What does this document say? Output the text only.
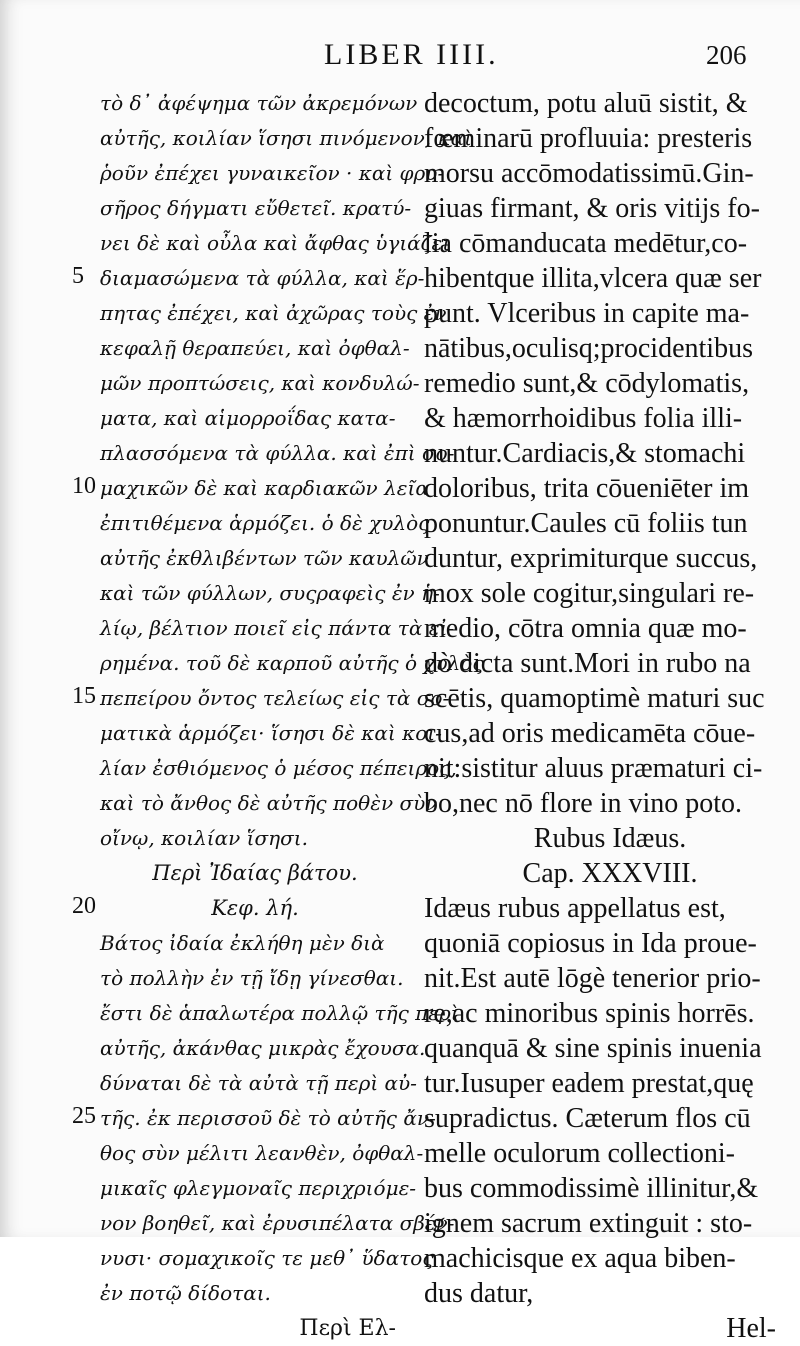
LIBER IIII.	206
τὸ δ᾽ ἀφέψημα τῶν ἀκρεμόνων
αὐτῆς, κοιλίαν ἵσησι πινόμενον, καὶ
ῥοῦν ἐπέχει γυναικεῖον · καὶ φρυ-
σῆρος δήγματι εὔθετεῖ. κρατύ-
νει δὲ καὶ οὖλα καὶ ἄφθας ὑγιάζει
διαμασώμενα τὰ φύλλα, καὶ ἕρ-
πητας ἐπέχει, καὶ ἀχῶρας τοὺς ἐν
κεφαλῇ θεραπεύει, καὶ ὀφθαλ-
μῶν προπτώσεις, καὶ κονδυλώ-
ματα, καὶ αἱμορροΐδας κατα-
πλασσόμενα τὰ φύλλα. καὶ ἐπὶ σο-
μαχικῶν δὲ καὶ καρδιακῶν λεῖα
ἐπιτιθέμενα ἁρμόζει. ὁ δὲ χυλὸς
αὐτῆς ἐκθλιβέντων τῶν καυλῶν
καὶ τῶν φύλλων, συςραφεὶς ἐν ἡ-
λίῳ, βέλτιον ποιεῖ εἰς πάντα τὰ εἰ-
ρημένα. τοῦ δὲ καρποῦ αὐτῆς ὁ χυλὸς
πεπείρου ὄντος τελείως εἰς τὰ σο-
ματικὰ ἁρμόζει· ἵσησι δὲ καὶ κοι-
λίαν ἐσθιόμενος ὁ μέσος πέπειρος,
καὶ τὸ ἄνθος δὲ αὐτῆς ποθὲν σὺν
οἴνῳ, κοιλίαν ἵσησι.
Περὶ Ἰδαίας βάτου.
Κεφ. λή.
Βάτος ἰδαία ἐκλήθη μὲν διὰ
τὸ πολλὴν ἐν τῇ ἴδῃ γίνεσθαι.
ἔστι δὲ ἁπαλωτέρα πολλῷ τῆς περὶ
αὐτῆς, ἀκάνθας μικρὰς ἔχουσα.
δύναται δὲ τὰ αὐτὰ τῇ περὶ αὐ-
τῆς. ἐκ περισσοῦ δὲ τὸ αὐτῆς ἄν-
θος σὺν μέλιτι λεανθὲν, ὀφθαλ-
μικαῖς φλεγμοναῖς περιχριόμε-
νον βοηθεῖ, καὶ ἐρυσιπέλατα σβέν-
νυσι· σομαχικοῖς τε μεθ᾽ ὕδατος
ἐν ποτῷ δίδοται.
Περὶ Ελ-
5
10
15
20
25
decoctum, potu aluū sistit, &
fœminarū profluuia: presteris
morsu accōmodatissimū.Gin-
giuas firmant, & oris vitijs fo-
lia cōmanducata medētur,co-
hibentque illita,vlcera quæ ser
punt. Vlceribus in capite ma-
nātibus,oculisq;procidentibus
remedio sunt,& cōdylomatis,
& hæmorrhoidibus folia illi-
nuntur.Cardiacis,& stomachi
doloribus, trita cōueniēter im
ponuntur.Caules cū foliis tun
duntur, exprimiturque succus,
mox sole cogitur,singulari re-
medio, cōtra omnia quæ mo-
dò dicta sunt.Mori in rubo na
scētis, quamoptimè maturi suc
cus,ad oris medicamēta cōue-
nit:sistitur aluus præmaturi ci-
bo,nec nō flore in vino poto.
Rubus Idæus.
Cap. XXXVIII.
Idæus rubus appellatus est,
quoniā copiosus in Ida proue-
nit.Est autē lōgè tenerior prio-
re,ac minoribus spinis horrēs.
quanquā & sine spinis inuenia
tur.Iusuper eadem prestat,quę
supradictus. Cæterum flos cū
melle oculorum collectioni-
bus commodissimè illinitur,&
ignem sacrum extinguit : sto-
machicisque ex aqua biben-
dus datur,
Hel-
